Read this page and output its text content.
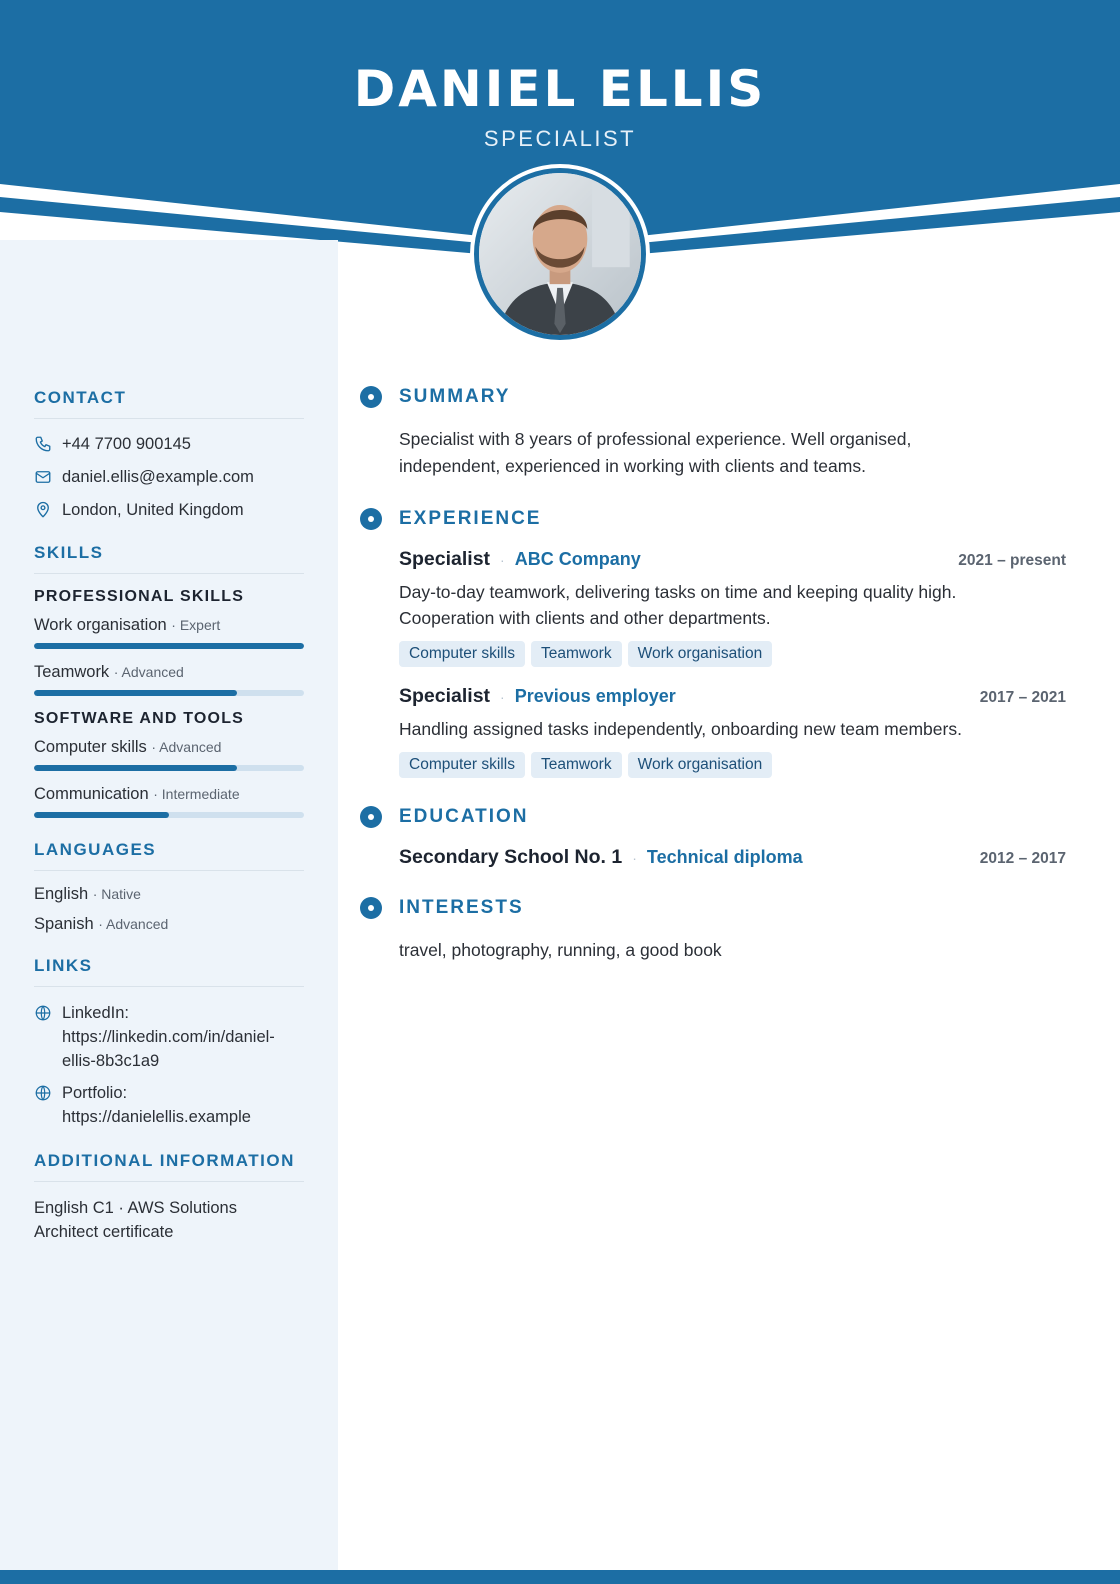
DANIEL ELLIS
SPECIALIST
CONTACT
+44 7700 900145
daniel.ellis@example.com
London, United Kingdom
SKILLS
PROFESSIONAL SKILLS
Work organisation · Expert
Teamwork · Advanced
SOFTWARE AND TOOLS
Computer skills · Advanced
Communication · Intermediate
LANGUAGES
English · Native
Spanish · Advanced
LINKS
LinkedIn:
https://linkedin.com/in/daniel-
ellis-8b3c1a9
Portfolio:
https://danielellis.example
ADDITIONAL INFORMATION
English C1 · AWS Solutions
Architect certificate
SUMMARY
Specialist with 8 years of professional experience. Well organised,
independent, experienced in working with clients and teams.
EXPERIENCE
Specialist · ABC Company	2021 – present
Day-to-day teamwork, delivering tasks on time and keeping quality high.
Cooperation with clients and other departments.
Computer skills	Teamwork	Work organisation
Specialist · Previous employer	2017 – 2021
Handling assigned tasks independently, onboarding new team members.
Computer skills	Teamwork	Work organisation
EDUCATION
Secondary School No. 1 · Technical diploma	2012 – 2017
INTERESTS
travel, photography, running, a good book
